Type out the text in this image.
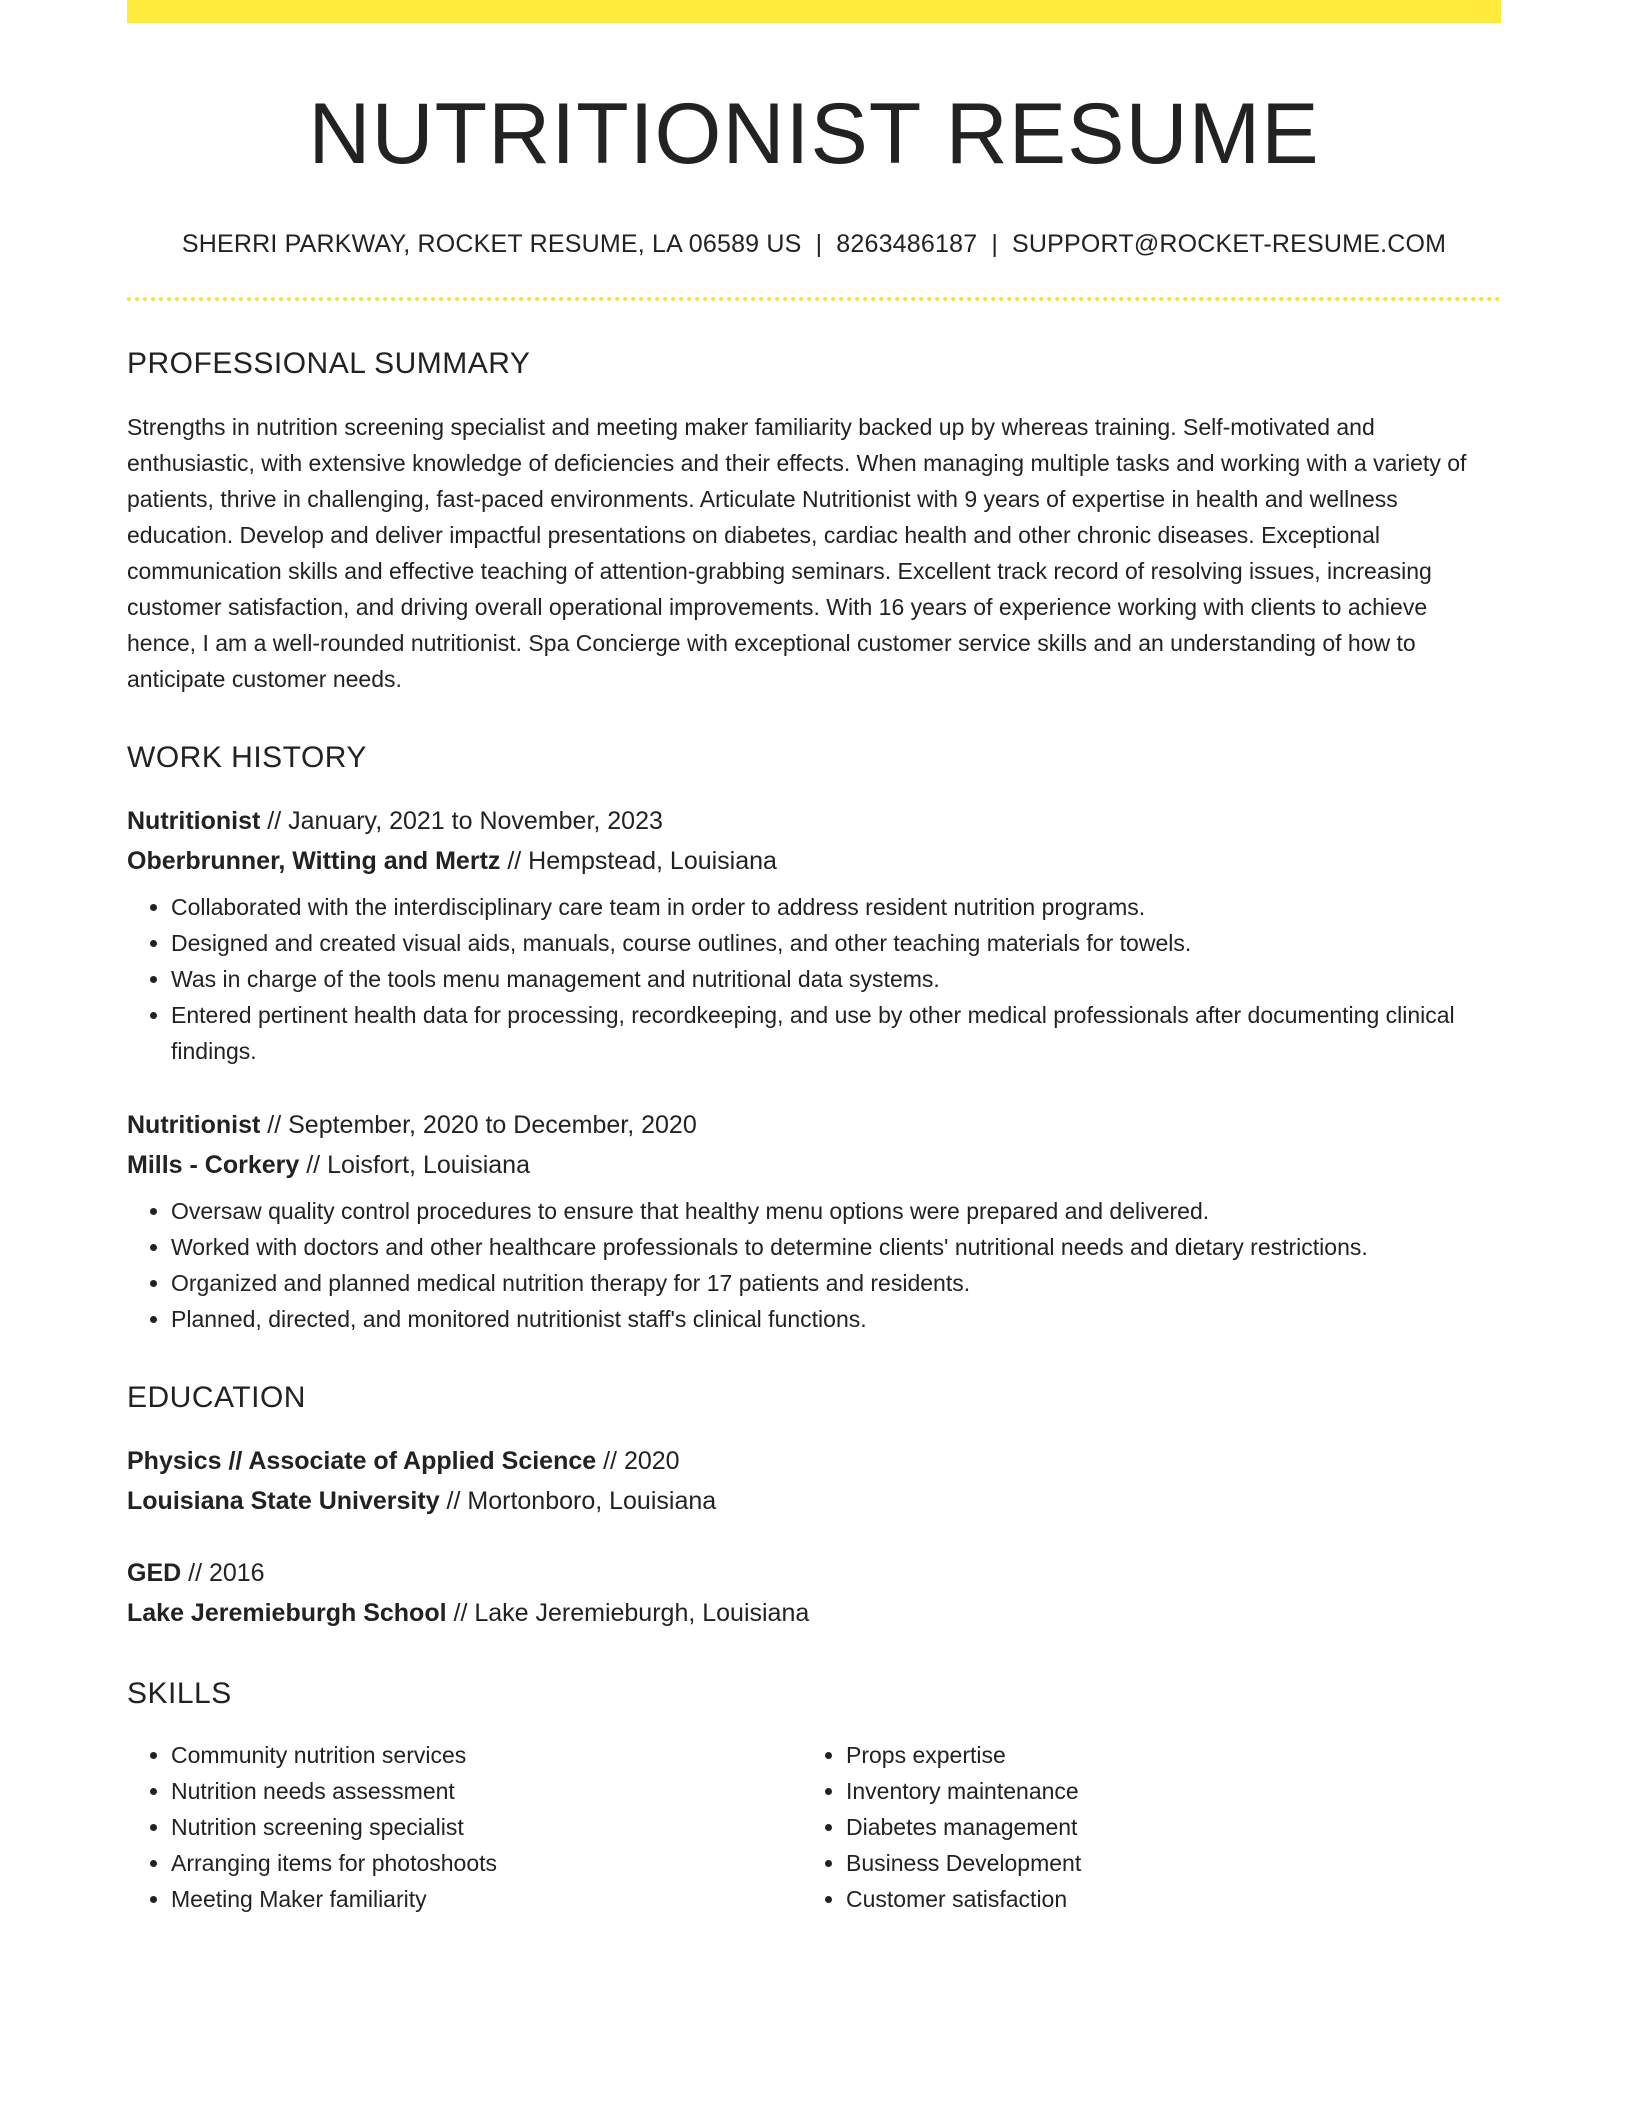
NUTRITIONIST RESUME
SHERRI PARKWAY, ROCKET RESUME, LA 06589 US | 8263486187 | SUPPORT@ROCKET-RESUME.COM
PROFESSIONAL SUMMARY
Strengths in nutrition screening specialist and meeting maker familiarity backed up by whereas training. Self-motivated and enthusiastic, with extensive knowledge of deficiencies and their effects. When managing multiple tasks and working with a variety of patients, thrive in challenging, fast-paced environments. Articulate Nutritionist with 9 years of expertise in health and wellness education. Develop and deliver impactful presentations on diabetes, cardiac health and other chronic diseases. Exceptional communication skills and effective teaching of attention-grabbing seminars. Excellent track record of resolving issues, increasing customer satisfaction, and driving overall operational improvements. With 16 years of experience working with clients to achieve hence, I am a well-rounded nutritionist. Spa Concierge with exceptional customer service skills and an understanding of how to anticipate customer needs.
WORK HISTORY
Nutritionist // January, 2021 to November, 2023
Oberbrunner, Witting and Mertz // Hempstead, Louisiana
• Collaborated with the interdisciplinary care team in order to address resident nutrition programs.
• Designed and created visual aids, manuals, course outlines, and other teaching materials for towels.
• Was in charge of the tools menu management and nutritional data systems.
• Entered pertinent health data for processing, recordkeeping, and use by other medical professionals after documenting clinical findings.
Nutritionist // September, 2020 to December, 2020
Mills - Corkery // Loisfort, Louisiana
• Oversaw quality control procedures to ensure that healthy menu options were prepared and delivered.
• Worked with doctors and other healthcare professionals to determine clients' nutritional needs and dietary restrictions.
• Organized and planned medical nutrition therapy for 17 patients and residents.
• Planned, directed, and monitored nutritionist staff's clinical functions.
EDUCATION
Physics // Associate of Applied Science // 2020
Louisiana State University // Mortonboro, Louisiana
GED // 2016
Lake Jeremieburgh School // Lake Jeremieburgh, Louisiana
SKILLS
• Community nutrition services
• Nutrition needs assessment
• Nutrition screening specialist
• Arranging items for photoshoots
• Meeting Maker familiarity
• Props expertise
• Inventory maintenance
• Diabetes management
• Business Development
• Customer satisfaction
